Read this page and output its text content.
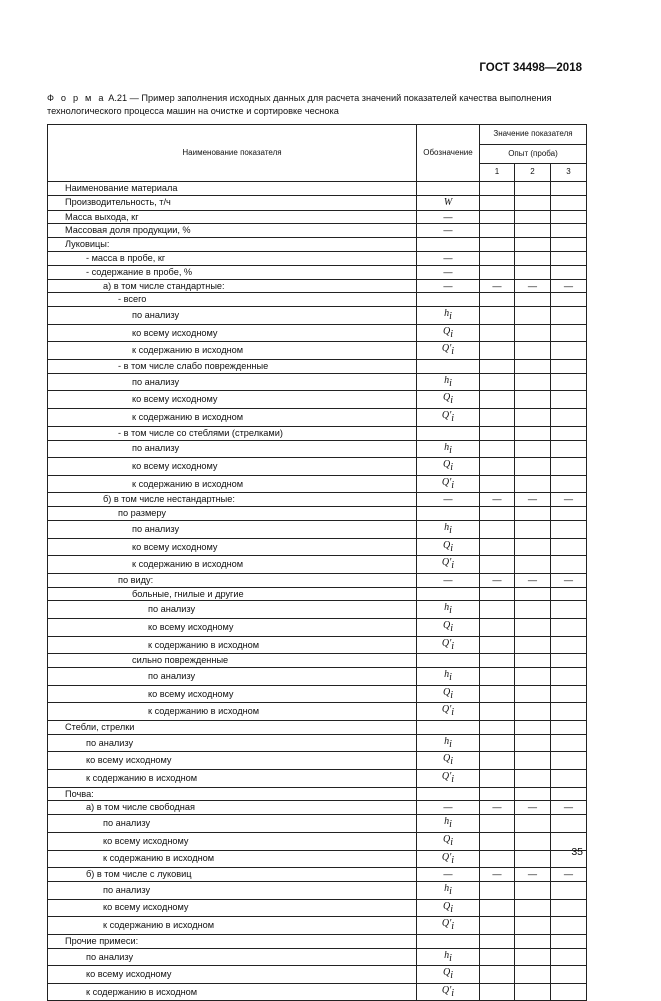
ГОСТ 34498—2018
Ф о р м а А.21 — Пример заполнения исходных данных для расчета значений показателей качества выполнения
технологического процесса машин на очистке и сортировке чеснока
Наименование показателя	Обозначение	Значение показателя		
		Опыт (проба)		
		1	2	3
Наименование материала				
Производительность, т/ч	W			
Масса выхода, кг	—			
Массовая доля продукции, %	—			
Луковицы:				
- масса в пробе, кг	—			
- содержание в пробе, %	—			
а) в том числе стандартные:	—	—	—	—
- всего				
по анализу	$h_i$			
ко всему исходному	$Q_i$			
к содержанию в исходном	$Q'_i$			
- в том числе слабо поврежденные				
по анализу	$h_i$			
ко всему исходному	$Q_i$			
к содержанию в исходном	$Q'_i$			
- в том числе со стеблями (стрелками)				
по анализу	$h_i$			
ко всему исходному	$Q_i$			
к содержанию в исходном	$Q'_i$			
б) в том числе нестандартные:	—	—	—	—
по размеру				
по анализу	$h_i$			
ко всему исходному	$Q_i$			
к содержанию в исходном	$Q'_i$			
по виду:	—	—	—	—
больные, гнилые и другие				
по анализу	$h_i$			
ко всему исходному	$Q_i$			
к содержанию в исходном	$Q'_i$			
сильно поврежденные				
по анализу	$h_i$			
ко всему исходному	$Q_i$			
к содержанию в исходном	$Q'_i$			
Стебли, стрелки				
по анализу	$h_i$			
ко всему исходному	$Q_i$			
к содержанию в исходном	$Q'_i$			
Почва:				
а) в том числе свободная	—	—	—	—
по анализу	$h_i$			
ко всему исходному	$Q_i$			
к содержанию в исходном	$Q'_i$			
б) в том числе с луковиц	—	—	—	—
по анализу	$h_i$			
ко всему исходному	$Q_i$			
к содержанию в исходном	$Q'_i$			
Прочие примеси:				
по анализу	$h_i$			
ко всему исходному	$Q_i$			
к содержанию в исходном	$Q'_i$			
35
